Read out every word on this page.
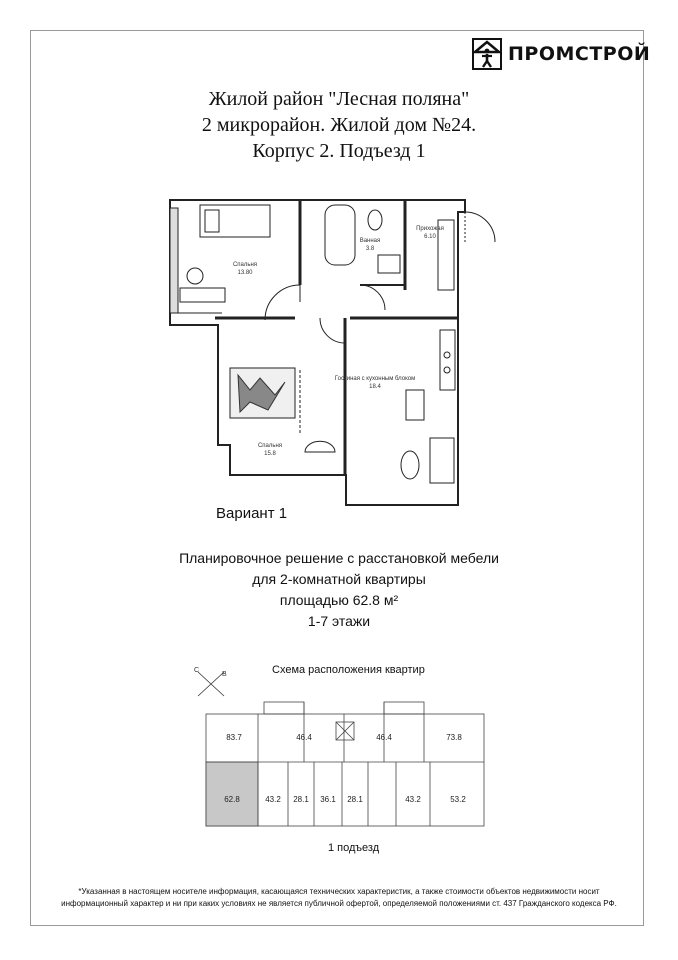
ПРОМСТРОЙ
Жилой район "Лесная поляна"
2 микрорайон. Жилой дом №24.
Корпус 2. Подъезд 1
Спальня
13.80
Ванная
3.8
Прихожая
6.10
Гостиная с кухонным блоком
18.4
Спальня
15.8
Вариант 1
Планировочное решение с расстановкой мебели
для 2-комнатной квартиры
площадью 62.8 м²
1-7 этажи
С
В	Схема расположения квартир
83.7	46.4	46.4	73.8
62.8	43.2 28.1 36.1 28.1	43.2	53.2
1 подъезд
*Указанная в настоящем носителе информация, касающаяся технических характеристик, а также стоимости объектов недвижимости носит
информационный характер и ни при каких условиях не является публичной офертой, определяемой положениями ст. 437 Гражданского кодекса РФ.
